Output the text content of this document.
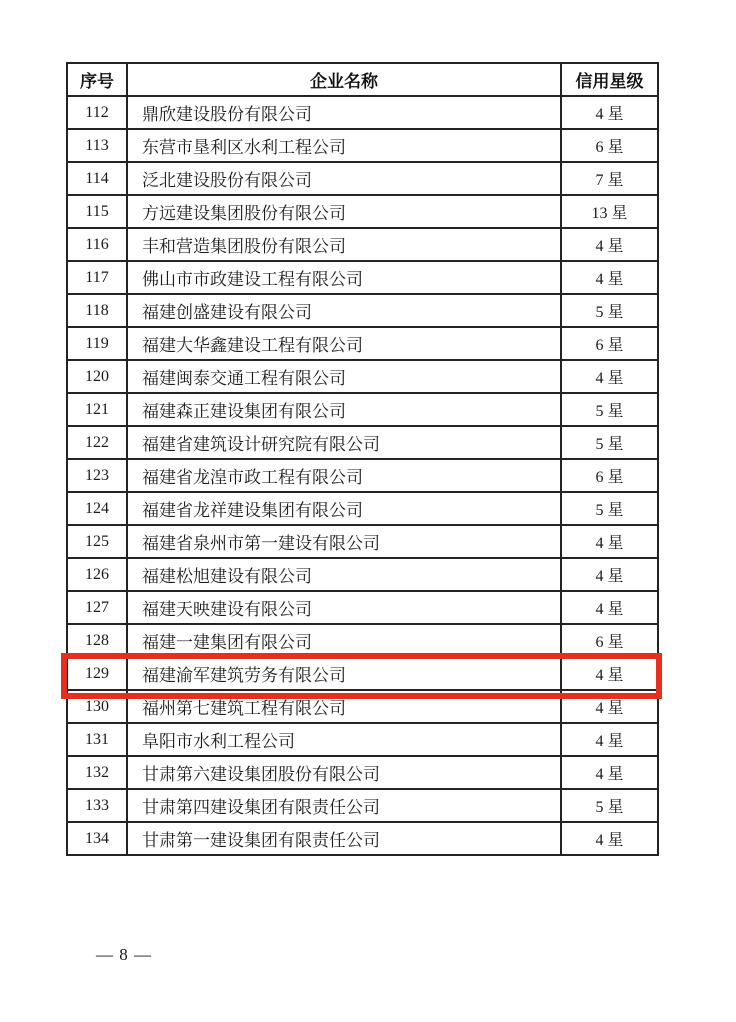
序号	企业名称	信用星级
112	鼎欣建设股份有限公司	4 星
113	东营市垦利区水利工程公司	6 星
114	泛北建设股份有限公司	7 星
115	方远建设集团股份有限公司	13 星
116	丰和营造集团股份有限公司	4 星
117	佛山市市政建设工程有限公司	4 星
118	福建创盛建设有限公司	5 星
119	福建大华鑫建设工程有限公司	6 星
120	福建闽泰交通工程有限公司	4 星
121	福建森正建设集团有限公司	5 星
122	福建省建筑设计研究院有限公司	5 星
123	福建省龙湟市政工程有限公司	6 星
124	福建省龙祥建设集团有限公司	5 星
125	福建省泉州市第一建设有限公司	4 星
126	福建松旭建设有限公司	4 星
127	福建天映建设有限公司	4 星
128	福建一建集团有限公司	6 星
129	福建渝军建筑劳务有限公司	4 星
130	福州第七建筑工程有限公司	4 星
131	阜阳市水利工程公司	4 星
132	甘肃第六建设集团股份有限公司	4 星
133	甘肃第四建设集团有限责任公司	5 星
134	甘肃第一建设集团有限责任公司	4 星
— 8 —
